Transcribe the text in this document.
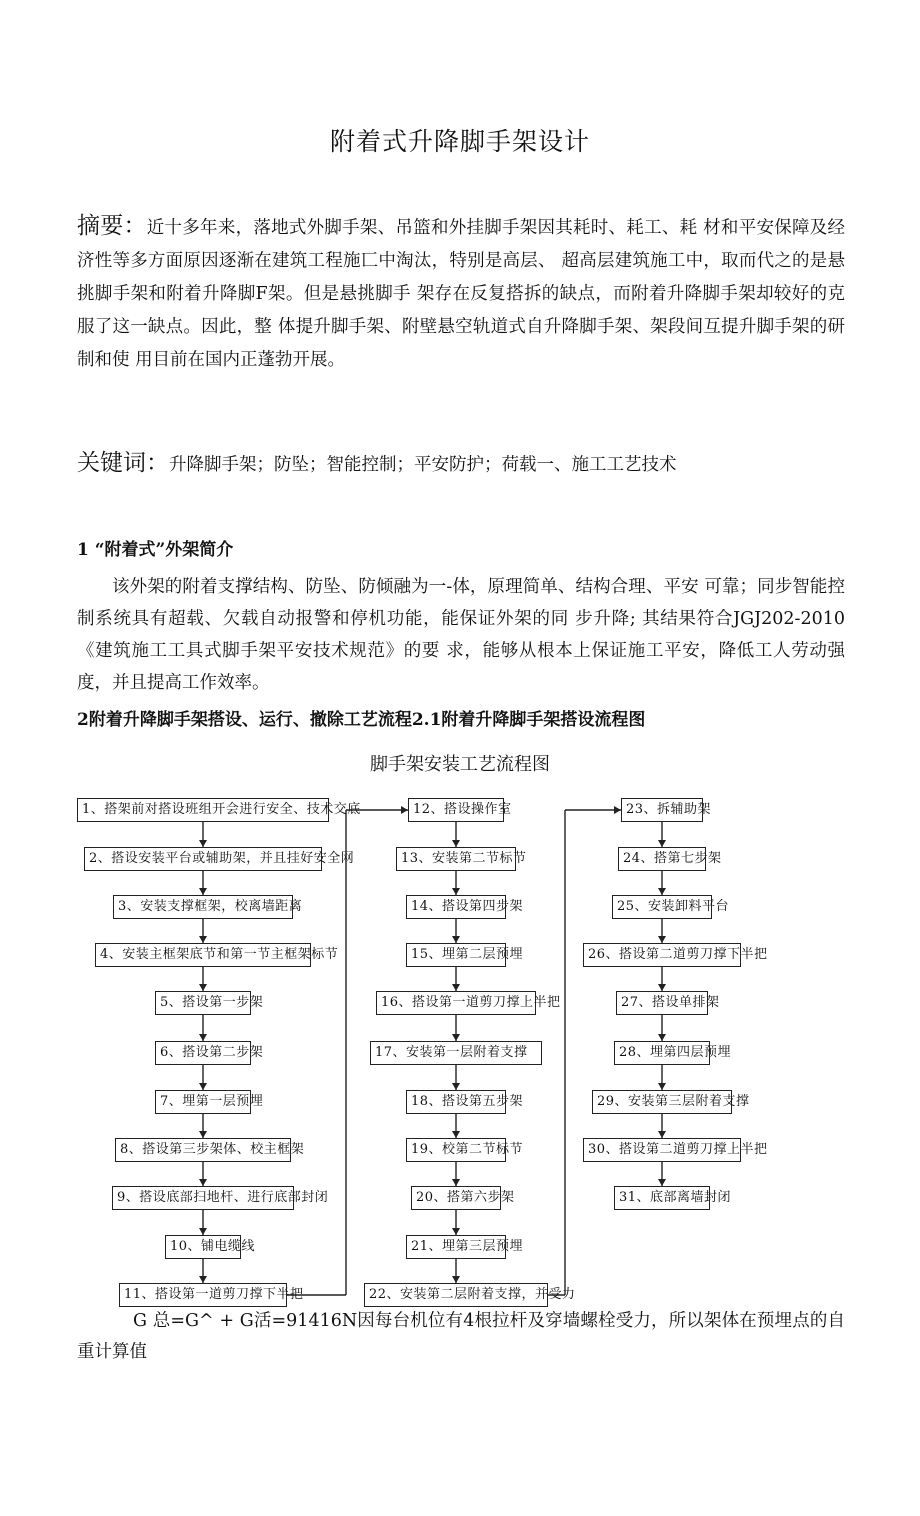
附着式升降脚手架设计
摘要：近十多年来，落地式外脚手架、吊篮和外挂脚手架因其耗时、耗工、耗 材和平安保障及经济性等多方面原因逐渐在建筑工程施匸中淘汰，特别是高层、 超高层建筑施工中，取而代之的是悬挑脚手架和附着升降脚F架。但是悬挑脚手 架存在反复搭拆的缺点，而附着升降脚手架却较好的克服了这一缺点。因此，整 体提升脚手架、附壁悬空轨道式自升降脚手架、架段间互提升脚手架的研制和使 用目前在国内正蓬勃开展。
关键词：升降脚手架；防坠；智能控制；平安防护；荷载一、施工工艺技术
1 “附着式”外架简介
该外架的附着支撑结构、防坠、防倾融为一-体，原理简单、结构合理、平安 可靠；同步智能控制系统具有超载、欠载自动报警和停机功能，能保证外架的同 步升降; 其结果符合JGJ202-2010《建筑施工工具式脚手架平安技术规范》的要 求，能够从根本上保证施工平安，降低工人劳动强度，并且提高工作效率。
2附着升降脚手架搭设、运行、撤除工艺流程2.1附着升降脚手架搭设流程图
脚手架安装工艺流程图
1、搭架前对搭设班组开会进行安全、技术交底
2、搭设安装平台或辅助架，并且挂好安全网
3、安装支撑框架，校离墙距离
4、安装主框架底节和第一节主框架标节
5、搭设第一步架
6、搭设第二步架
7、埋第一层预埋
8、搭设第三步架体、校主框架
9、搭设底部扫地杆、进行底部封闭
10、铺电缆线
11、搭设第一道剪刀撑下半把
12、搭设操作室
13、安装第二节标节
14、搭设第四步架
15、埋第二层预埋
16、搭设第一道剪刀撑上半把
17、安装第一层附着支撑
18、搭设第五步架
19、校第二节标节
20、搭第六步架
21、埋第三层预埋
22、安装第二层附着支撑，并受力
23、拆辅助架
24、搭第七步架
25、安装卸料平台
26、搭设第二道剪刀撑下半把
27、搭设单排架
28、埋第四层预埋
29、安装第三层附着支撑
30、搭设第二道剪刀撑上半把
31、底部离墙封闭
G 总=G^ + G活=91416N因每台机位有4根拉杆及穿墙螺栓受力，所以架体在预埋点的自重计算值
